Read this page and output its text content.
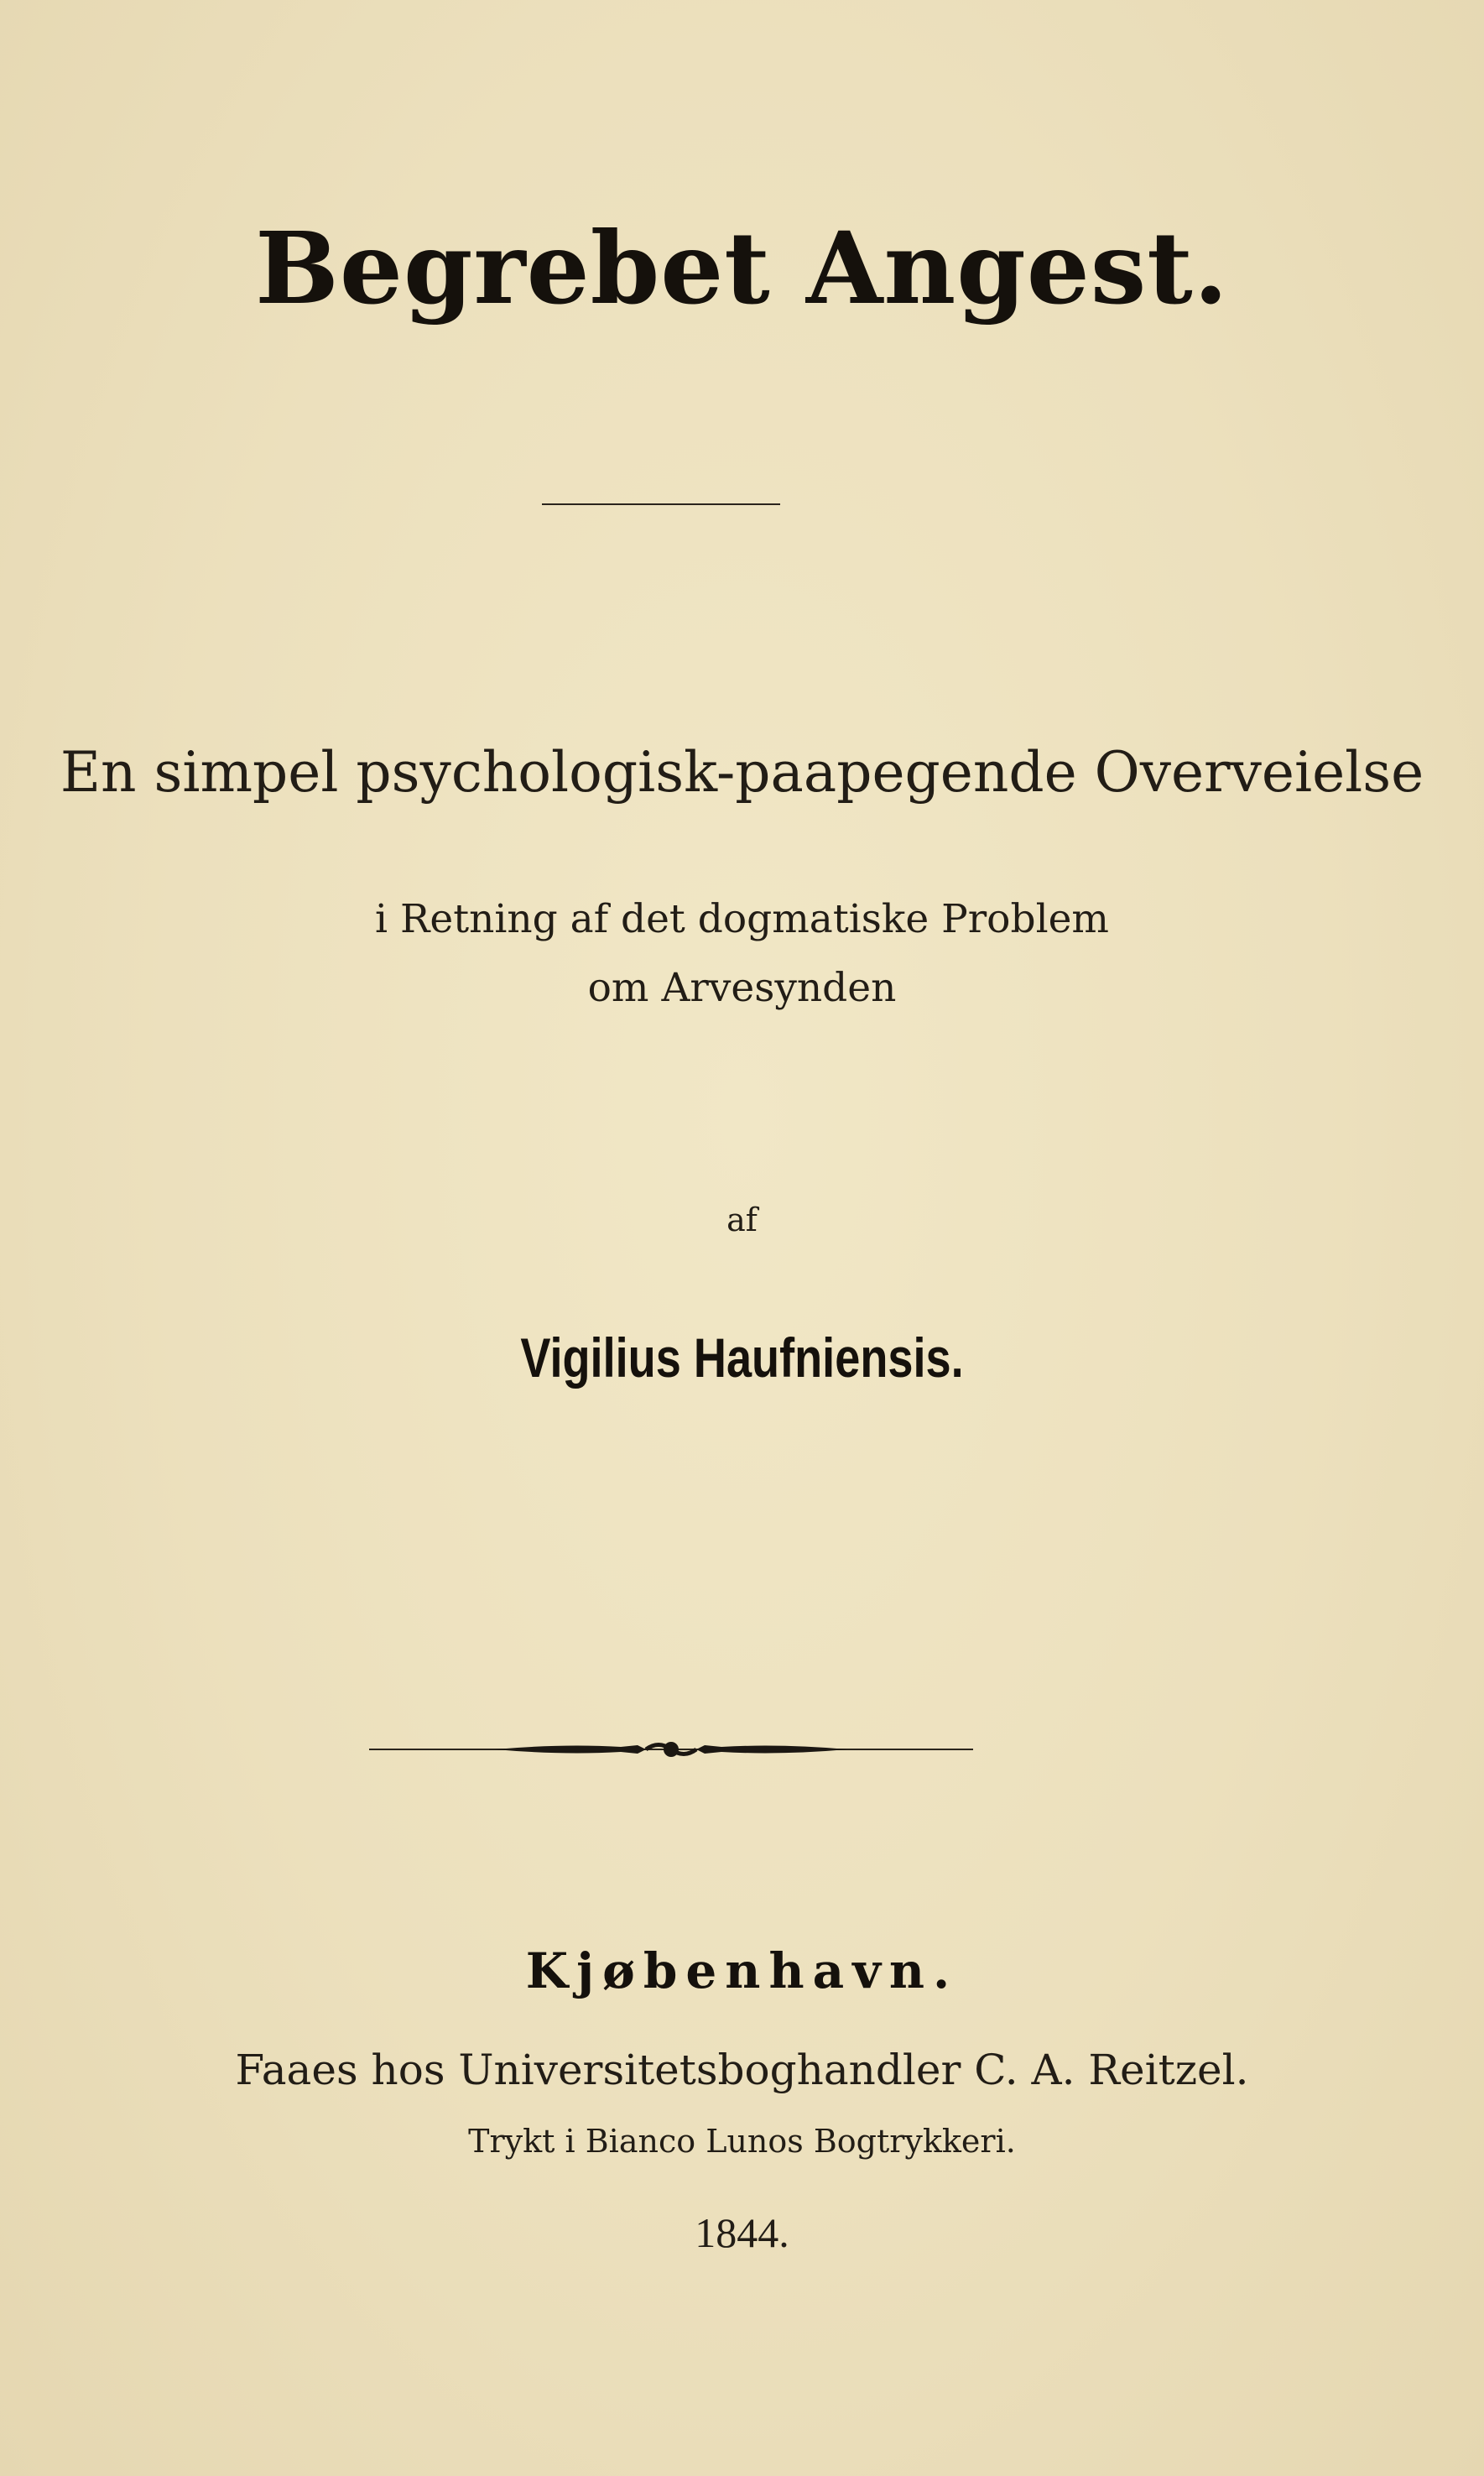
Begrebet Angest.
En simpel psychologisk-paapegende Overveielse
i Retning af det dogmatiske Problem
om Arvesynden
af
Vigilius Haufniensis.
Kjøbenhavn.
Faaes hos Universitetsboghandler C. A. Reitzel.
Trykt i Bianco Lunos Bogtrykkeri.
1844.
